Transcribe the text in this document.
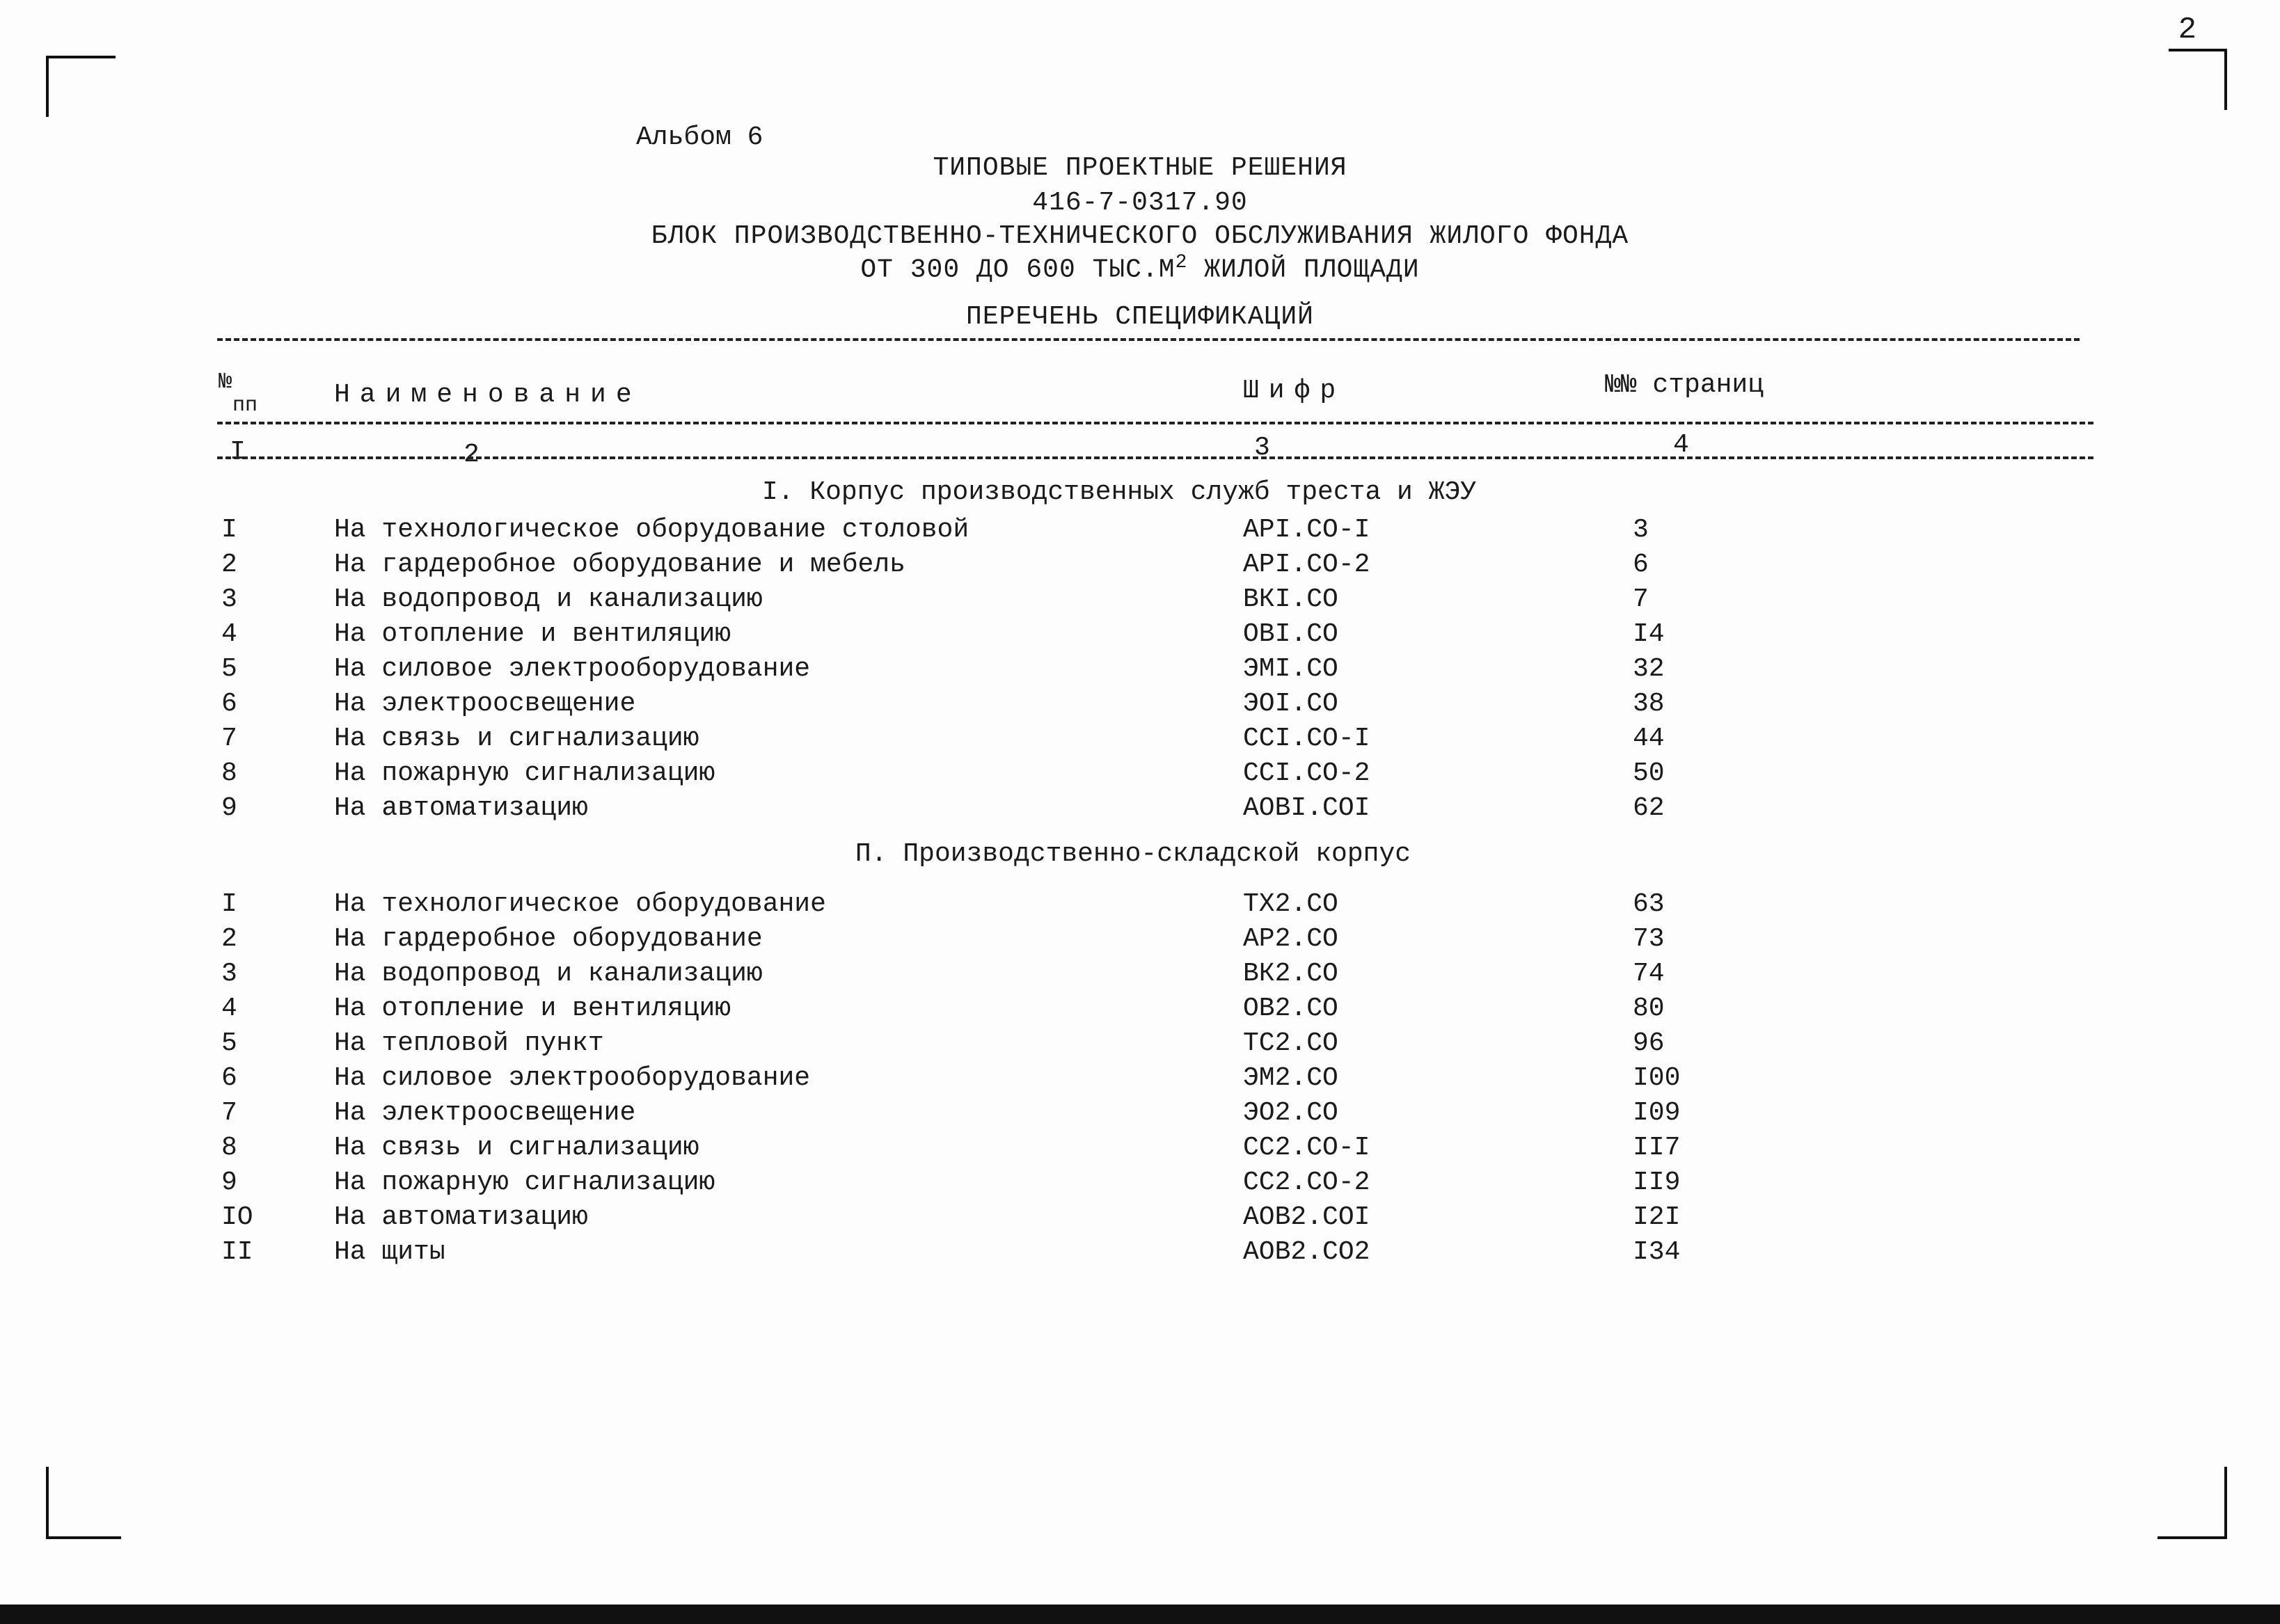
2
Альбом 6
ТИПОВЫЕ ПРОЕКТНЫЕ РЕШЕНИЯ
416-7-0317.90
БЛОК ПРОИЗВОДСТВЕННО-ТЕХНИЧЕСКОГО ОБСЛУЖИВАНИЯ ЖИЛОГО ФОНДА
ОТ 300 ДО 600 $ТЫС.М^2$ ЖИЛОЙ ПЛОЩАДИ
ПЕРЕЧЕНЬ СПЕЦИФИКАЦИЙ
№
пп	Наименование	Шифр	№№ страниц
I	2	3	4
I. Корпус производственных служб треста и ЖЭУ
I	На технологическое оборудование столовой	АРI.СО-I	3
2	На гардеробное оборудование и мебель	АРI.СО-2	6
3	На водопровод и канализацию	ВКI.СО	7
4	На отопление и вентиляцию	ОВI.СО	I4
5	На силовое электрооборудование	ЭМI.СО	32
6	На электроосвещение	ЭОI.СО	38
7	На связь и сигнализацию	ССI.СО-I	44
8	На пожарную сигнализацию	ССI.СО-2	50
9	На автоматизацию	АОВI.СОI	62
П. Производственно-складской корпус
I	На технологическое оборудование	ТХ2.СО	63
2	На гардеробное оборудование	АР2.СО	73
3	На водопровод и канализацию	ВК2.СО	74
4	На отопление и вентиляцию	ОВ2.СО	80
5	На тепловой пункт	ТС2.СО	96
6	На силовое электрооборудование	ЭМ2.СО	I00
7	На электроосвещение	ЭО2.СО	I09
8	На связь и сигнализацию	СС2.СО-I	II7
9	На пожарную сигнализацию	СС2.СО-2	II9
IO	На автоматизацию	АОВ2.СОI	I2I
II	На щиты	АОВ2.СО2	I34
